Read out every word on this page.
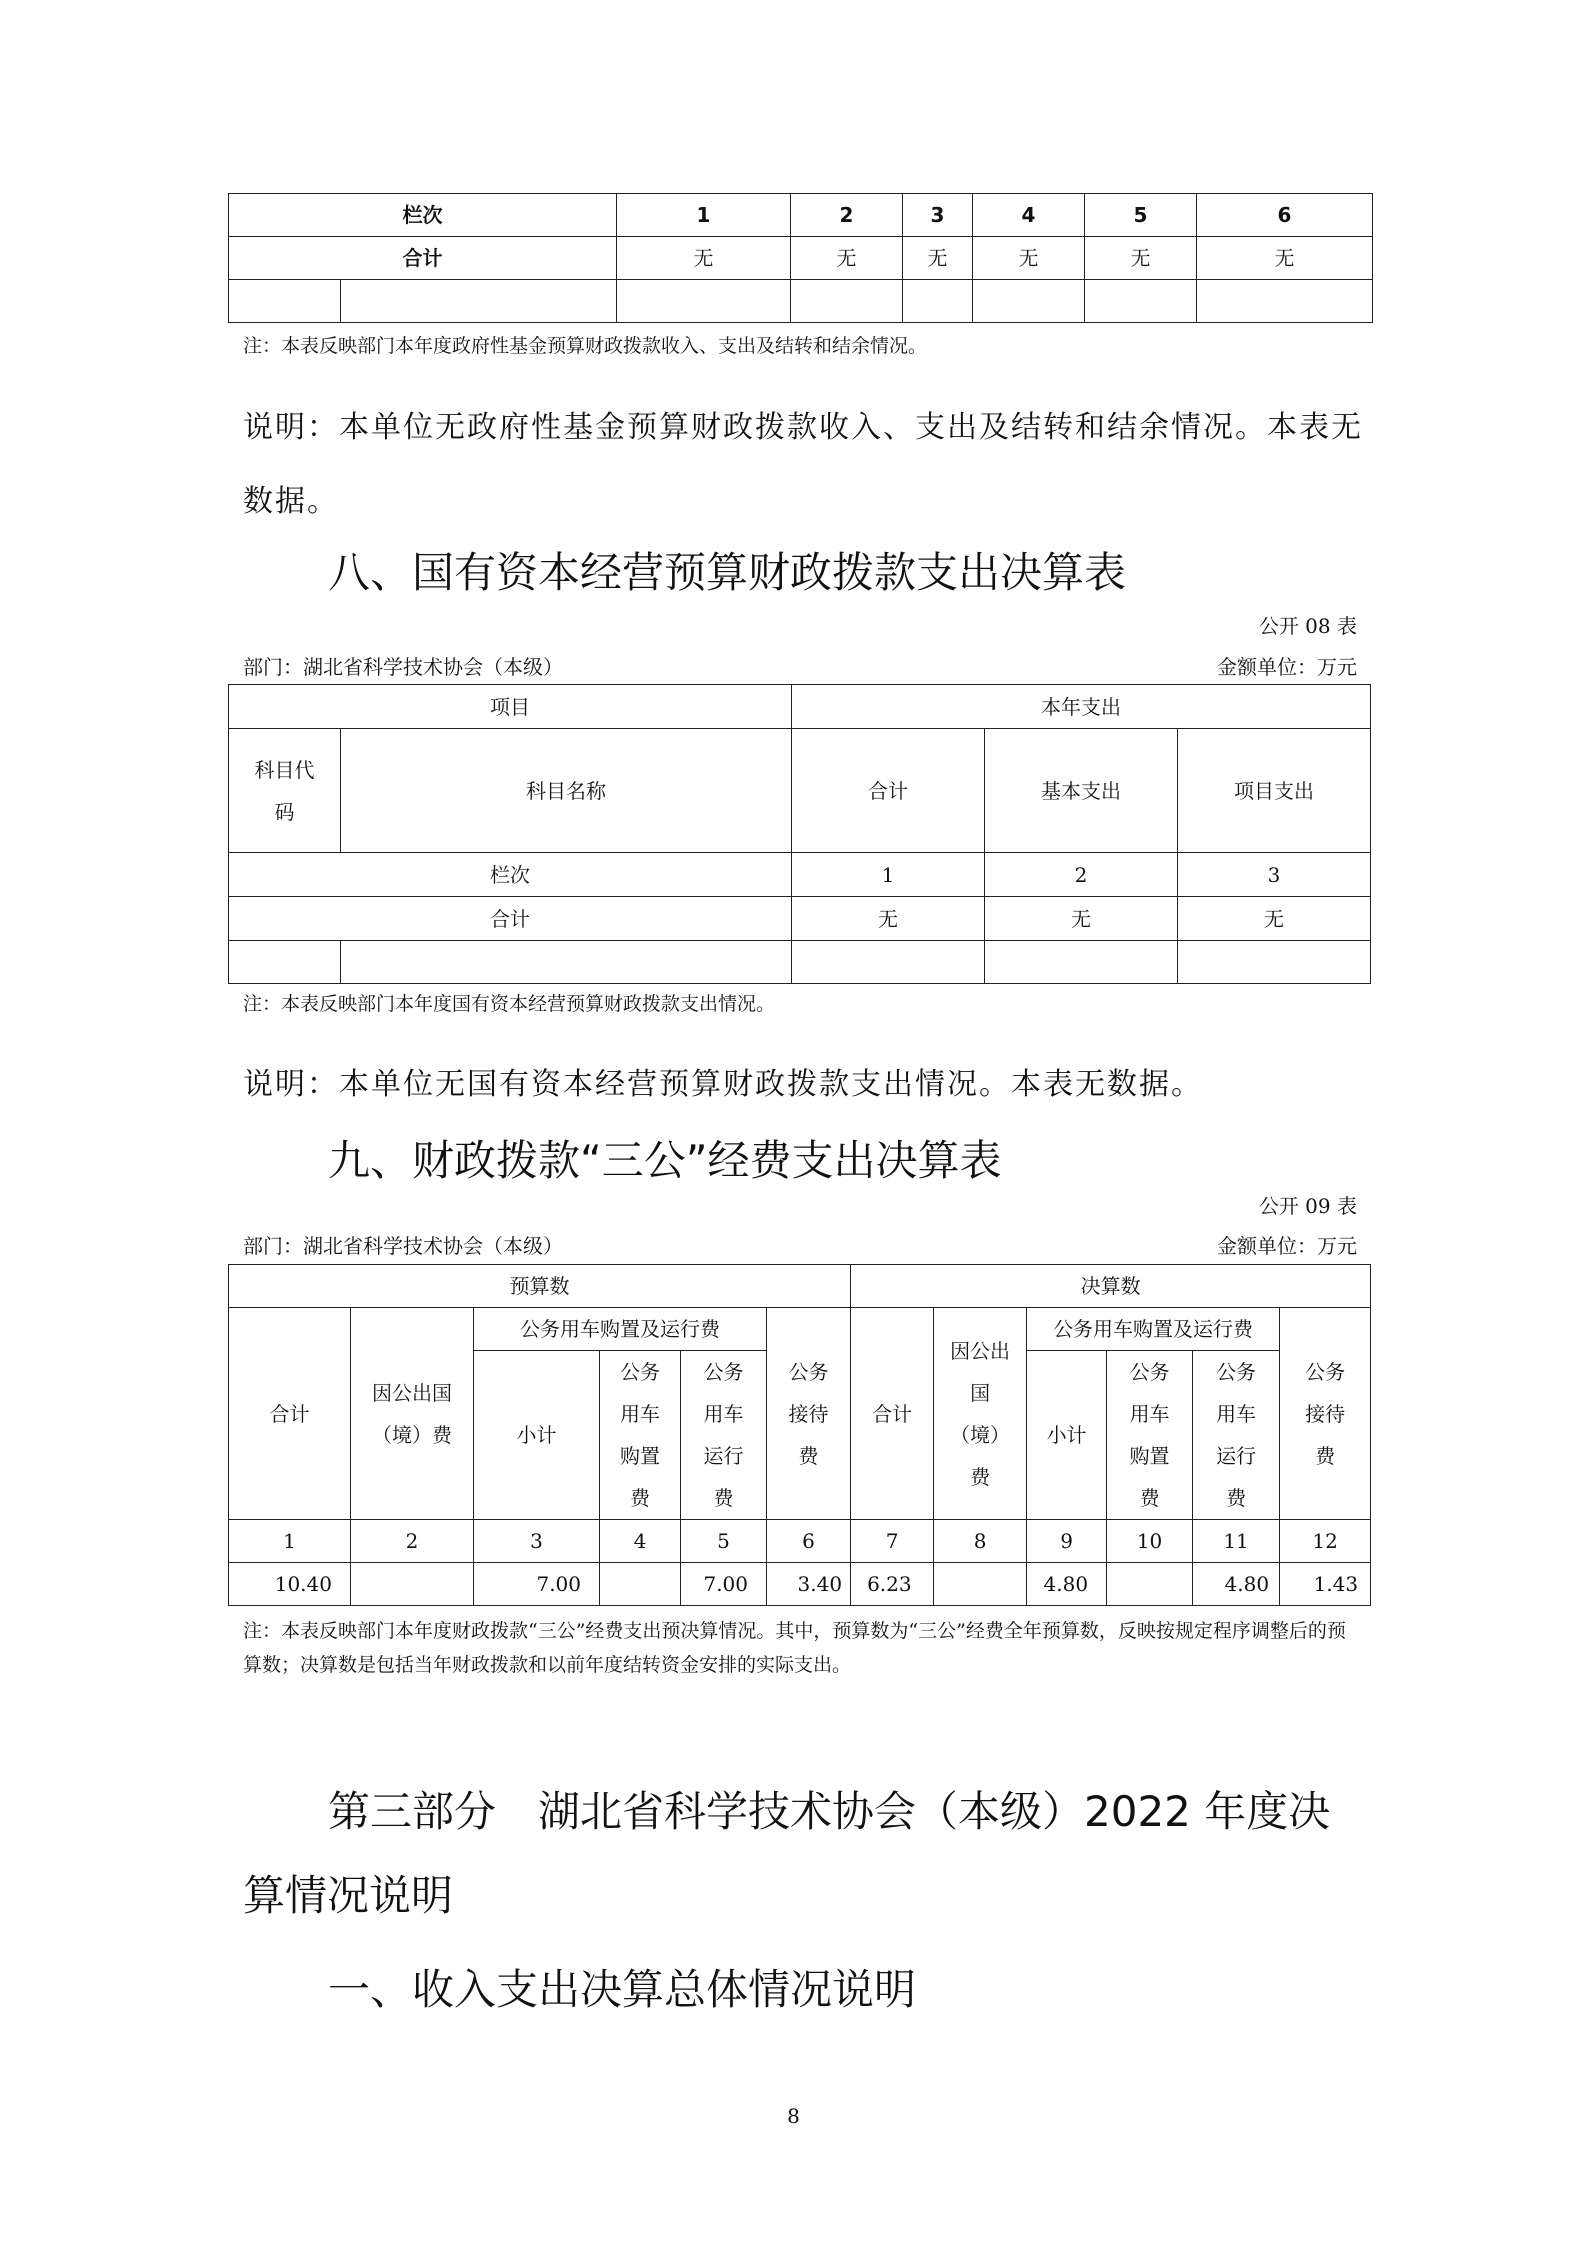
栏次		1	2	3	4	5	6
合计		无	无	无	无	无	无

注：本表反映部门本年度政府性基金预算财政拨款收入、支出及结转和结余情况。
说明：本单位无政府性基金预算财政拨款收入、支出及结转和结余情况。本表无数据。
八、国有资本经营预算财政拨款支出决算表
公开 08 表
部门：湖北省科学技术协会（本级）	金额单位：万元
项目		本年支出		
科目代码	科目名称	合计	基本支出	项目支出
栏次		1	2	3
合计		无	无	无

注：本表反映部门本年度国有资本经营预算财政拨款支出情况。
说明：本单位无国有资本经营预算财政拨款支出情况。本表无数据。
九、财政拨款“三公”经费支出决算表
公开 09 表
部门：湖北省科学技术协会（本级）	金额单位：万元
预算数						决算数					
合计	因公出国（境）费	公务用车购置及运行费			公务接待费	合计	因公出国（境）费	公务用车购置及运行费			公务接待费
		小计	公务用车购置费	公务用车运行费				小计	公务用车购置费	公务用车运行费	
1	2	3	4	5	6	7	8	9	10	11	12
10.40		7.00		7.00	3.40	6.23		4.80		4.80	1.43
注：本表反映部门本年度财政拨款“三公”经费支出预决算情况。其中，预算数为“三公”经费全年预算数，反映按规定程序调整后的预算数；决算数是包括当年财政拨款和以前年度结转资金安排的实际支出。
第三部分　湖北省科学技术协会（本级）2022 年度决算情况说明
一、收入支出决算总体情况说明
8
